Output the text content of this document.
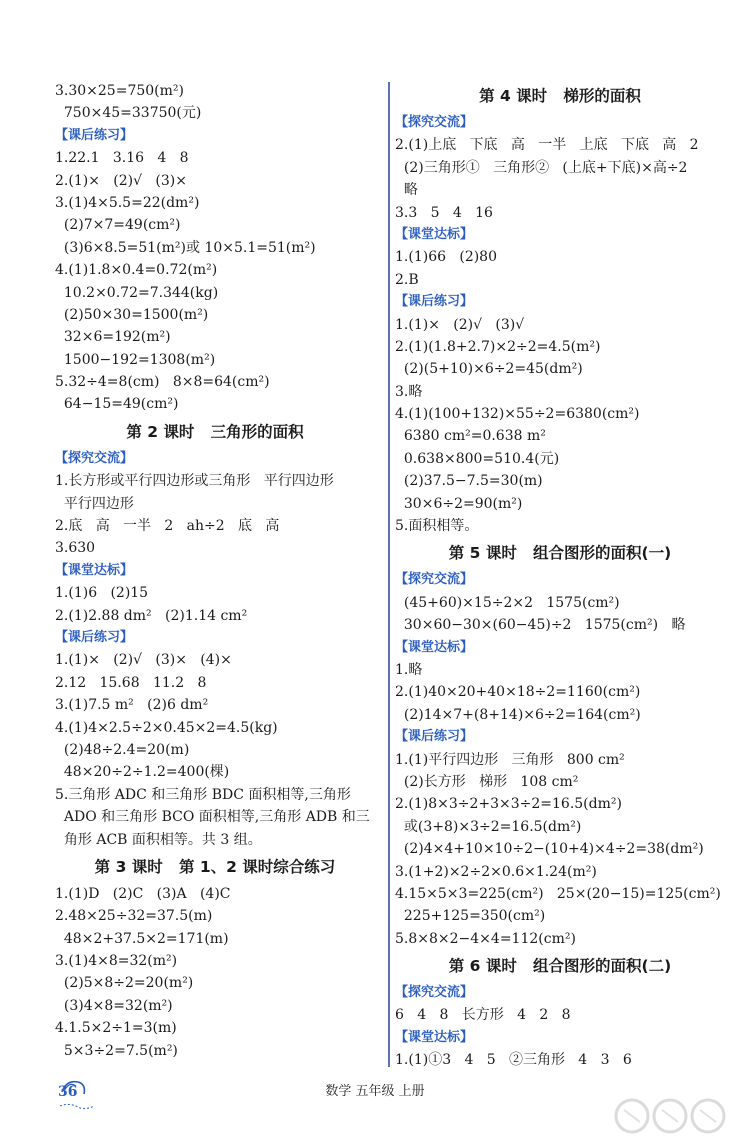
3.30×25=750(m²)
750×45=33750(元)
【课后练习】
1.22.1   3.16   4   8
2.(1)×   (2)√   (3)×
3.(1)4×5.5=22(dm²)
(2)7×7=49(cm²)
(3)6×8.5=51(m²)或 10×5.1=51(m²)
4.(1)1.8×0.4=0.72(m²)
10.2×0.72=7.344(kg)
(2)50×30=1500(m²)
32×6=192(m²)
1500−192=1308(m²)
5.32÷4=8(cm)   8×8=64(cm²)
64−15=49(cm²)
第 2 课时   三角形的面积
【探究交流】
1.长方形或平行四边形或三角形   平行四边形
平行四边形
2.底   高   一半   2   ah÷2   底   高
3.630
【课堂达标】
1.(1)6   (2)15
2.(1)2.88 dm²   (2)1.14 cm²
【课后练习】
1.(1)×   (2)√   (3)×   (4)×
2.12   15.68   11.2   8
3.(1)7.5 m²   (2)6 dm²
4.(1)4×2.5÷2×0.45×2=4.5(kg)
(2)48÷2.4=20(m)
48×20÷2÷1.2=400(棵)
5.三角形 ADC 和三角形 BDC 面积相等,三角形
ADO 和三角形 BCO 面积相等,三角形 ADB 和三
角形 ACB 面积相等。共 3 组。
第 3 课时   第 1、2 课时综合练习
1.(1)D   (2)C   (3)A   (4)C
2.48×25÷32=37.5(m)
48×2+37.5×2=171(m)
3.(1)4×8=32(m²)
(2)5×8÷2=20(m²)
(3)4×8=32(m²)
4.1.5×2÷1=3(m)
5×3÷2=7.5(m²)
第 4 课时   梯形的面积
【探究交流】
2.(1)上底   下底   高   一半   上底   下底   高   2
(2)三角形①   三角形②   (上底+下底)×高÷2
略
3.3   5   4   16
【课堂达标】
1.(1)66   (2)80
2.B
【课后练习】
1.(1)×   (2)√   (3)√
2.(1)(1.8+2.7)×2÷2=4.5(m²)
(2)(5+10)×6÷2=45(dm²)
3.略
4.(1)(100+132)×55÷2=6380(cm²)
6380 cm²=0.638 m²
0.638×800=510.4(元)
(2)37.5−7.5=30(m)
30×6÷2=90(m²)
5.面积相等。
第 5 课时   组合图形的面积(一)
【探究交流】
(45+60)×15÷2×2   1575(cm²)
30×60−30×(60−45)÷2   1575(cm²)   略
【课堂达标】
1.略
2.(1)40×20+40×18÷2=1160(cm²)
(2)14×7+(8+14)×6÷2=164(cm²)
【课后练习】
1.(1)平行四边形   三角形   800 cm²
(2)长方形   梯形   108 cm²
2.(1)8×3÷2+3×3÷2=16.5(dm²)
或(3+8)×3÷2=16.5(dm²)
(2)4×4+10×10÷2−(10+4)×4÷2=38(dm²)
3.(1+2)×2÷2×0.6×1.24(m²)
4.15×5×3=225(cm²)   25×(20−15)=125(cm²)
225+125=350(cm²)
5.8×8×2−4×4=112(cm²)
第 6 课时   组合图形的面积(二)
【探究交流】
6   4   8   长方形   4   2   8
【课堂达标】
1.(1)①3   4   5   ②三角形   4   3   6
36	数学 五年级 上册
